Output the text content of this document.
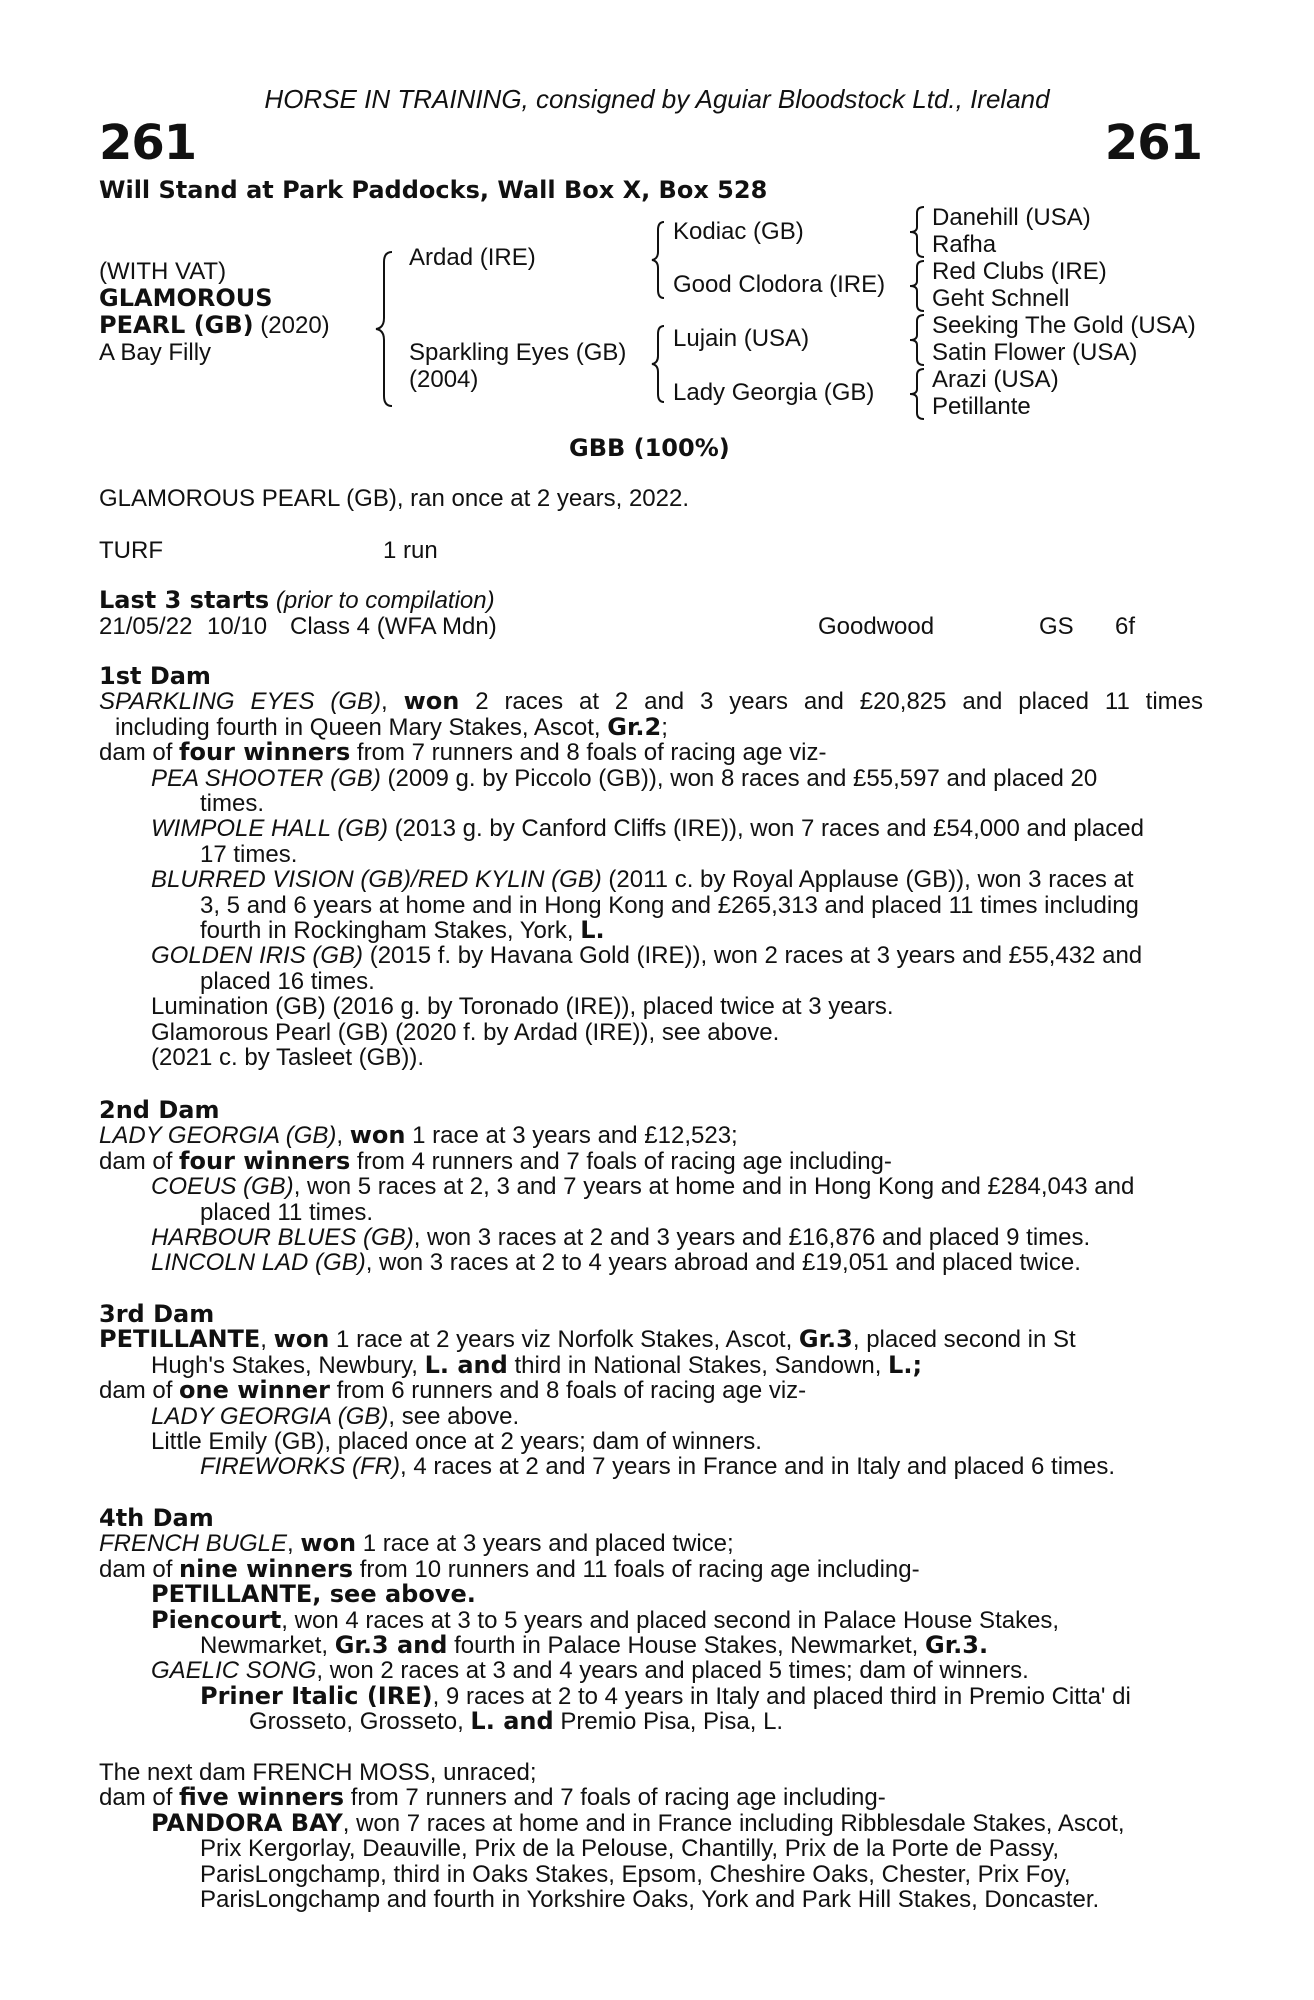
HORSE IN TRAINING, consigned by Aguiar Bloodstock Ltd., Ireland
261	261
Will Stand at Park Paddocks, Wall Box X, Box 528
(WITH VAT)
GLAMOROUS
PEARL (GB) (2020)
A Bay Filly
Ardad (IRE)
Sparkling Eyes (GB)
(2004)
Kodiac (GB)
Good Clodora (IRE)
Lujain (USA)
Lady Georgia (GB)
Danehill (USA)
Rafha
Red Clubs (IRE)
Geht Schnell
Seeking The Gold (USA)
Satin Flower (USA)
Arazi (USA)
Petillante
GBB (100%)
GLAMOROUS PEARL (GB), ran once at 2 years, 2022.
TURF	1 run
Last 3 starts (prior to compilation)
21/05/22 10/10 Class 4 (WFA Mdn)	Goodwood	GS 6f

1st Dam

SPARKLING EYES (GB), won 2 races at 2 and 3 years and £20,825 and placed 11 times

including fourth in Queen Mary Stakes, Ascot, Gr.2;

dam of four winners from 7 runners and 8 foals of racing age viz-

PEA SHOOTER (GB) (2009 g. by Piccolo (GB)), won 8 races and £55,597 and placed 20

times.

WIMPOLE HALL (GB) (2013 g. by Canford Cliffs (IRE)), won 7 races and £54,000 and placed

17 times.

BLURRED VISION (GB)/RED KYLIN (GB) (2011 c. by Royal Applause (GB)), won 3 races at

3, 5 and 6 years at home and in Hong Kong and £265,313 and placed 11 times including

fourth in Rockingham Stakes, York, L.

GOLDEN IRIS (GB) (2015 f. by Havana Gold (IRE)), won 2 races at 3 years and £55,432 and

placed 16 times.

Lumination (GB) (2016 g. by Toronado (IRE)), placed twice at 3 years.

Glamorous Pearl (GB) (2020 f. by Ardad (IRE)), see above.

(2021 c. by Tasleet (GB)).

2nd Dam

LADY GEORGIA (GB), won 1 race at 3 years and £12,523;

dam of four winners from 4 runners and 7 foals of racing age including-

COEUS (GB), won 5 races at 2, 3 and 7 years at home and in Hong Kong and £284,043 and

placed 11 times.

HARBOUR BLUES (GB), won 3 races at 2 and 3 years and £16,876 and placed 9 times.

LINCOLN LAD (GB), won 3 races at 2 to 4 years abroad and £19,051 and placed twice.

3rd Dam

PETILLANTE, won 1 race at 2 years viz Norfolk Stakes, Ascot, Gr.3, placed second in St

Hugh's Stakes, Newbury, L. and third in National Stakes, Sandown, L.;

dam of one winner from 6 runners and 8 foals of racing age viz-

LADY GEORGIA (GB), see above.

Little Emily (GB), placed once at 2 years; dam of winners.

FIREWORKS (FR), 4 races at 2 and 7 years in France and in Italy and placed 6 times.

4th Dam

FRENCH BUGLE, won 1 race at 3 years and placed twice;

dam of nine winners from 10 runners and 11 foals of racing age including-

PETILLANTE, see above.

Piencourt, won 4 races at 3 to 5 years and placed second in Palace House Stakes,

Newmarket, Gr.3 and fourth in Palace House Stakes, Newmarket, Gr.3.

GAELIC SONG, won 2 races at 3 and 4 years and placed 5 times; dam of winners.

Priner Italic (IRE), 9 races at 2 to 4 years in Italy and placed third in Premio Citta' di

Grosseto, Grosseto, L. and Premio Pisa, Pisa, L.

The next dam FRENCH MOSS, unraced;

dam of five winners from 7 runners and 7 foals of racing age including-

PANDORA BAY, won 7 races at home and in France including Ribblesdale Stakes, Ascot,

Prix Kergorlay, Deauville, Prix de la Pelouse, Chantilly, Prix de la Porte de Passy,

ParisLongchamp, third in Oaks Stakes, Epsom, Cheshire Oaks, Chester, Prix Foy,

ParisLongchamp and fourth in Yorkshire Oaks, York and Park Hill Stakes, Doncaster.
